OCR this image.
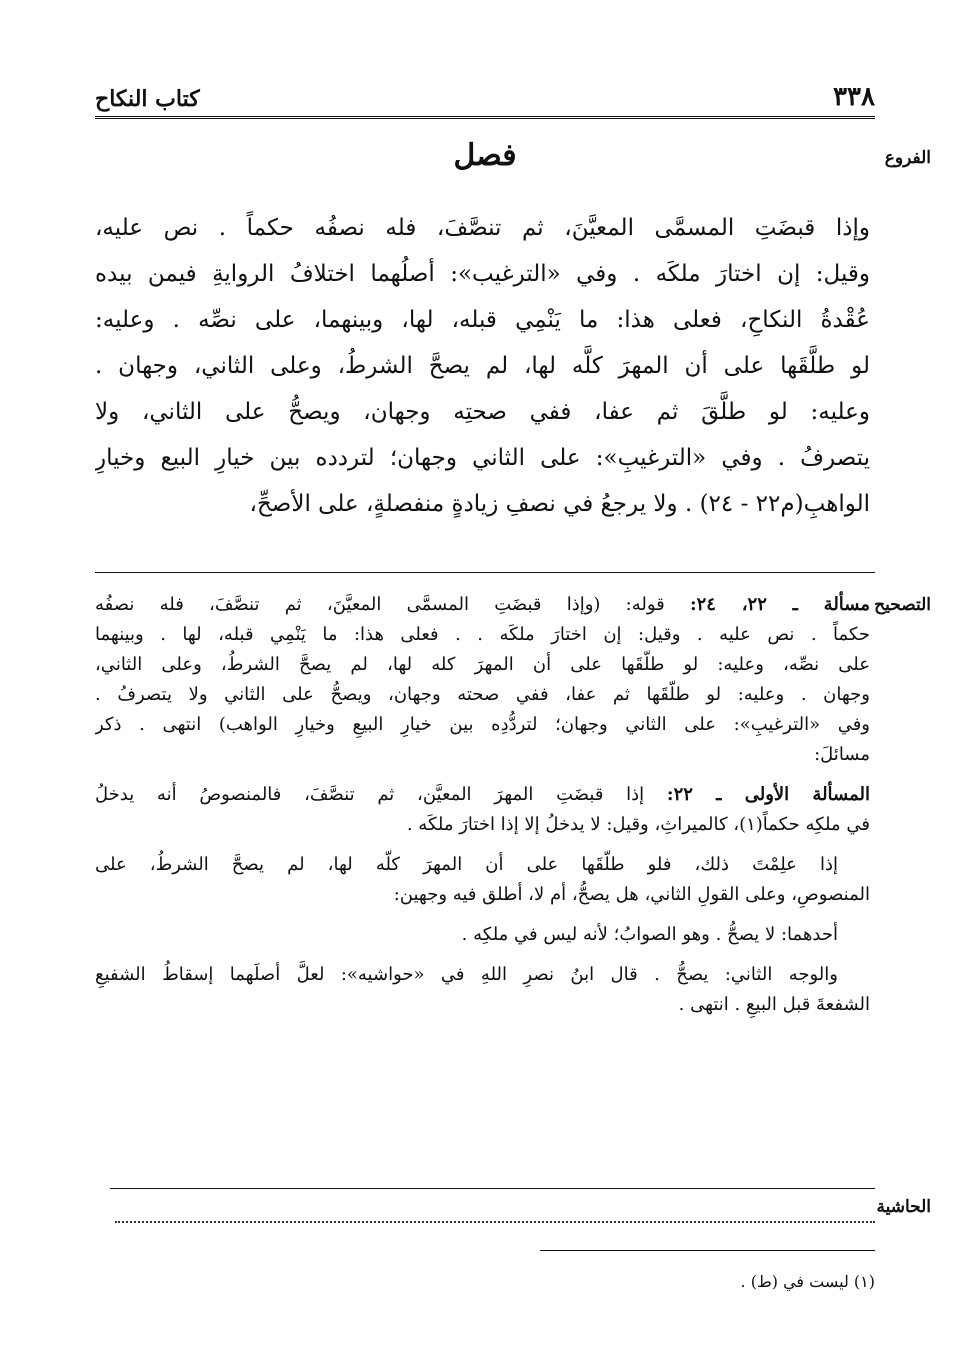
٣٣٨
كتاب النكاح
الفروع
التصحيح
الحاشية
فصل
وإذا قبضَتِ المسمَّى المعيَّنَ، ثم تنصَّفَ، فله نصفُه حكماً . نص عليه،
وقيل: إن اختارَ ملكَه . وفي «الترغيب»: أصلُهما اختلافُ الروايةِ فيمن بيده
عُقْدةُ النكاحِ، فعلى هذا: ما يَنْمِي قبله، لها، وبينهما، على نصِّه . وعليه:
لو طلَّقَها على أن المهرَ كلَّه لها، لم يصحَّ الشرطُ، وعلى الثاني، وجهان .
وعليه: لو طلَّقَ ثم عفا، ففي صحتِه وجهان، ويصحُّ على الثاني، ولا
يتصرفُ . وفي «الترغيبِ»: على الثاني وجهان؛ لتردده بين خيارِ البيع وخيارِ
الواهبِ(م٢٢ - ٢٤) . ولا يرجعُ في نصفِ زيادةٍ منفصلةٍ، على الأصحِّ،
مسألة ـ ٢٢، ٢٤: قوله: (وإذا قبضَتِ المسمَّى المعيَّنَ، ثم تنصَّفَ، فله نصفُه
حكماً . نص عليه . وقيل: إن اختارَ ملكَه . . فعلى هذا: ما يَنْمِي قبله، لها . وبينهما
على نصِّه، وعليه: لو طلَّقَها على أن المهرَ كله لها، لم يصحَّ الشرطُ، وعلى الثاني،
وجهان . وعليه: لو طلَّقَها ثم عفا، ففي صحته وجهان، ويصحُّ على الثاني ولا يتصرفُ .
وفي «الترغيبِ»: على الثاني وجهان؛ لتردُّدِه بين خيارِ البيعِ وخيارِ الواهب) انتهى . ذكر
مسائلَ:
المسألة الأولى ـ ٢٢: إذا قبضَتِ المهرَ المعيَّن، ثم تنصَّفَ، فالمنصوصُ أنه يدخلُ
في ملكِه حكماً(١)، كالميراثِ، وقيل: لا يدخلُ إلا إذا اختارَ ملكَه .
إذا علِمْتَ ذلك، فلو طلَّقَها على أن المهرَ كلَّه لها، لم يصحَّ الشرطُ، على
المنصوصِ، وعلى القولِ الثاني، هل يصحُّ، أم لا، أطلق فيه وجهين:
أحدهما: لا يصحُّ . وهو الصوابُ؛ لأنه ليس في ملكِه .
والوجه الثاني: يصحُّ . قال ابنُ نصرِ اللهِ في «حواشيه»: لعلَّ أصلَهما إسقاطُ الشفيعِ
الشفعةَ قبل البيعِ . انتهى .
(١) ليست في (ط) .
